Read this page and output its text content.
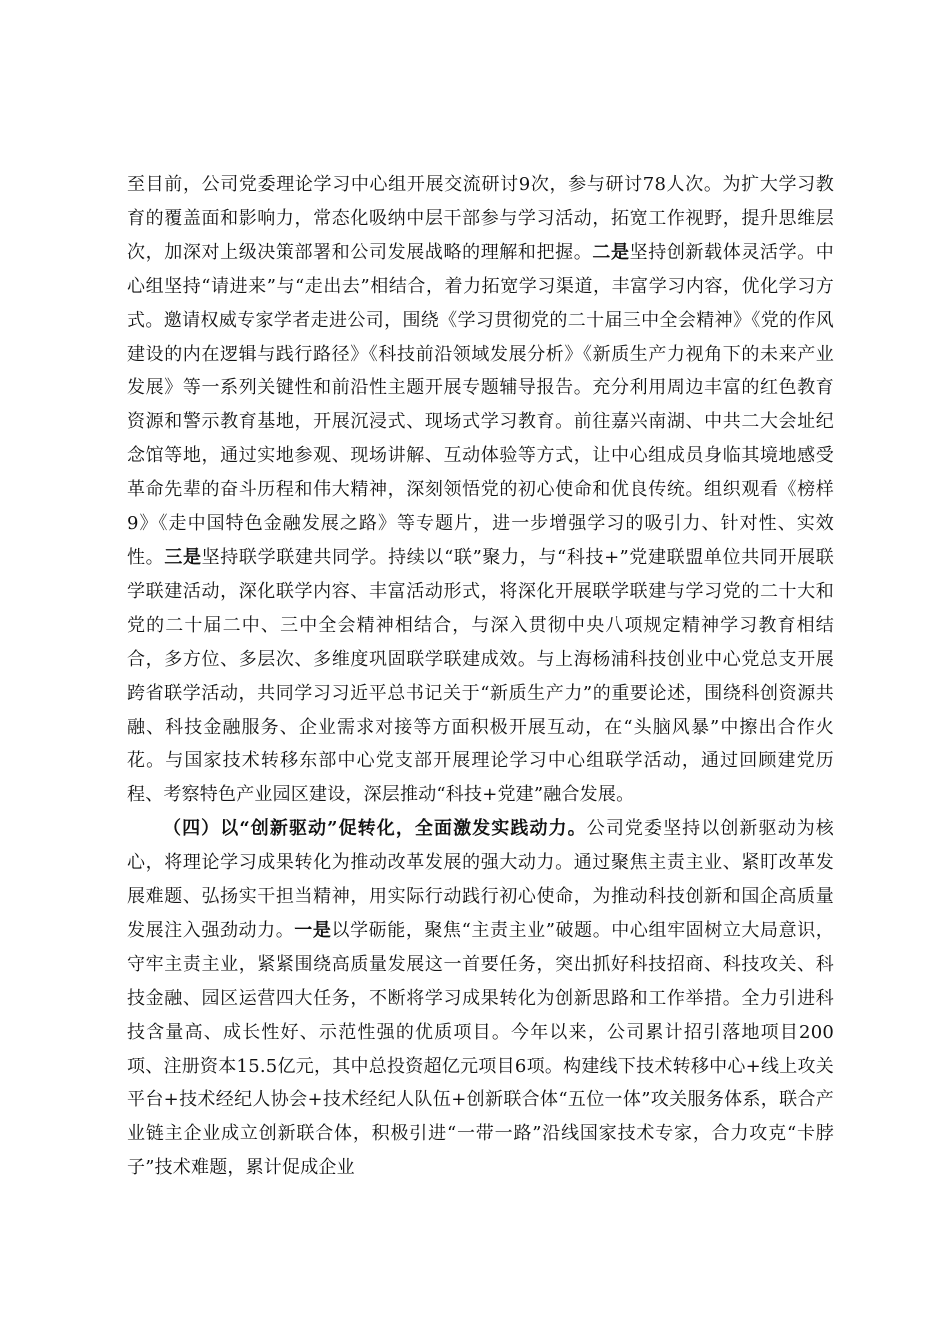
至目前，公司党委理论学习中心组开展交流研讨9次，参与研讨78人次。为扩大学习教育的覆盖面和影响力，常态化吸纳中层干部参与学习活动，拓宽工作视野，提升思维层次，加深对上级决策部署和公司发展战略的理解和把握。二是坚持创新载体灵活学。中心组坚持“请进来”与“走出去”相结合，着力拓宽学习渠道，丰富学习内容，优化学习方式。邀请权威专家学者走进公司，围绕《学习贯彻党的二十届三中全会精神》《党的作风建设的内在逻辑与践行路径》《科技前沿领域发展分析》《新质生产力视角下的未来产业发展》等一系列关键性和前沿性主题开展专题辅导报告。充分利用周边丰富的红色教育资源和警示教育基地，开展沉浸式、现场式学习教育。前往嘉兴南湖、中共二大会址纪念馆等地，通过实地参观、现场讲解、互动体验等方式，让中心组成员身临其境地感受革命先辈的奋斗历程和伟大精神，深刻领悟党的初心使命和优良传统。组织观看《榜样9》《走中国特色金融发展之路》等专题片，进一步增强学习的吸引力、针对性、实效性。三是坚持联学联建共同学。持续以“联”聚力，与“科技+”党建联盟单位共同开展联学联建活动，深化联学内容、丰富活动形式，将深化开展联学联建与学习党的二十大和党的二十届二中、三中全会精神相结合，与深入贯彻中央八项规定精神学习教育相结合，多方位、多层次、多维度巩固联学联建成效。与上海杨浦科技创业中心党总支开展跨省联学活动，共同学习习近平总书记关于“新质生产力”的重要论述，围绕科创资源共融、科技金融服务、企业需求对接等方面积极开展互动，在“头脑风暴”中擦出合作火花。与国家技术转移东部中心党支部开展理论学习中心组联学活动，通过回顾建党历程、考察特色产业园区建设，深层推动“科技+党建”融合发展。

（四）以“创新驱动”促转化，全面激发实践动力。公司党委坚持以创新驱动为核心，将理论学习成果转化为推动改革发展的强大动力。通过聚焦主责主业、紧盯改革发展难题、弘扬实干担当精神，用实际行动践行初心使命，为推动科技创新和国企高质量发展注入强劲动力。一是以学砺能，聚焦“主责主业”破题。中心组牢固树立大局意识，守牢主责主业，紧紧围绕高质量发展这一首要任务，突出抓好科技招商、科技攻关、科技金融、园区运营四大任务，不断将学习成果转化为创新思路和工作举措。全力引进科技含量高、成长性好、示范性强的优质项目。今年以来，公司累计招引落地项目200项、注册资本15.5亿元，其中总投资超亿元项目6项。构建线下技术转移中心+线上攻关平台+技术经纪人协会+技术经纪人队伍+创新联合体“五位一体”攻关服务体系，联合产业链主企业成立创新联合体，积极引进“一带一路”沿线国家技术专家，合力攻克“卡脖子”技术难题，累计促成企业
